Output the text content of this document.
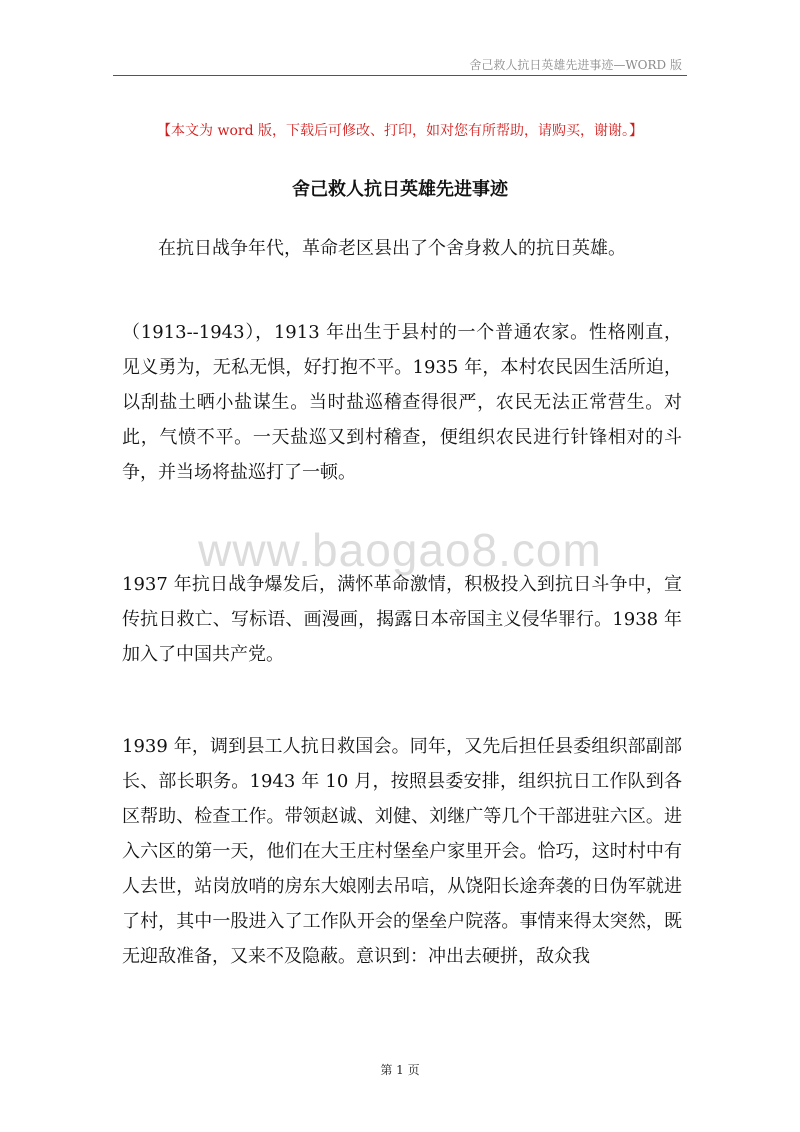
舍己救人抗日英雄先进事迹—WORD 版
【本文为 word 版，下载后可修改、打印，如对您有所帮助，请购买，谢谢。】
舍己救人抗日英雄先进事迹

在抗日战争年代，革命老区县出了个舍身救人的抗日英雄。

（1913--1943），1913 年出生于县村的一个普通农家。性格刚直，见义勇为，无私无惧，好打抱不平。1935 年，本村农民因生活所迫，以刮盐土晒小盐谋生。当时盐巡稽查得很严，农民无法正常营生。对此，气愤不平。一天盐巡又到村稽查，便组织农民进行针锋相对的斗争，并当场将盐巡打了一顿。

www.baogao8.com

1937 年抗日战争爆发后，满怀革命激情，积极投入到抗日斗争中，宣传抗日救亡、写标语、画漫画，揭露日本帝国主义侵华罪行。1938 年加入了中国共产党。

1939 年，调到县工人抗日救国会。同年，又先后担任县委组织部副部长、部长职务。1943 年 10 月，按照县委安排，组织抗日工作队到各区帮助、检查工作。带领赵诚、刘健、刘继广等几个干部进驻六区。进入六区的第一天，他们在大王庄村堡垒户家里开会。恰巧，这时村中有人去世，站岗放哨的房东大娘刚去吊唁，从饶阳长途奔袭的日伪军就进了村，其中一股进入了工作队开会的堡垒户院落。事情来得太突然，既无迎敌准备，又来不及隐蔽。意识到：冲出去硬拼，敌众我

第 1 页
